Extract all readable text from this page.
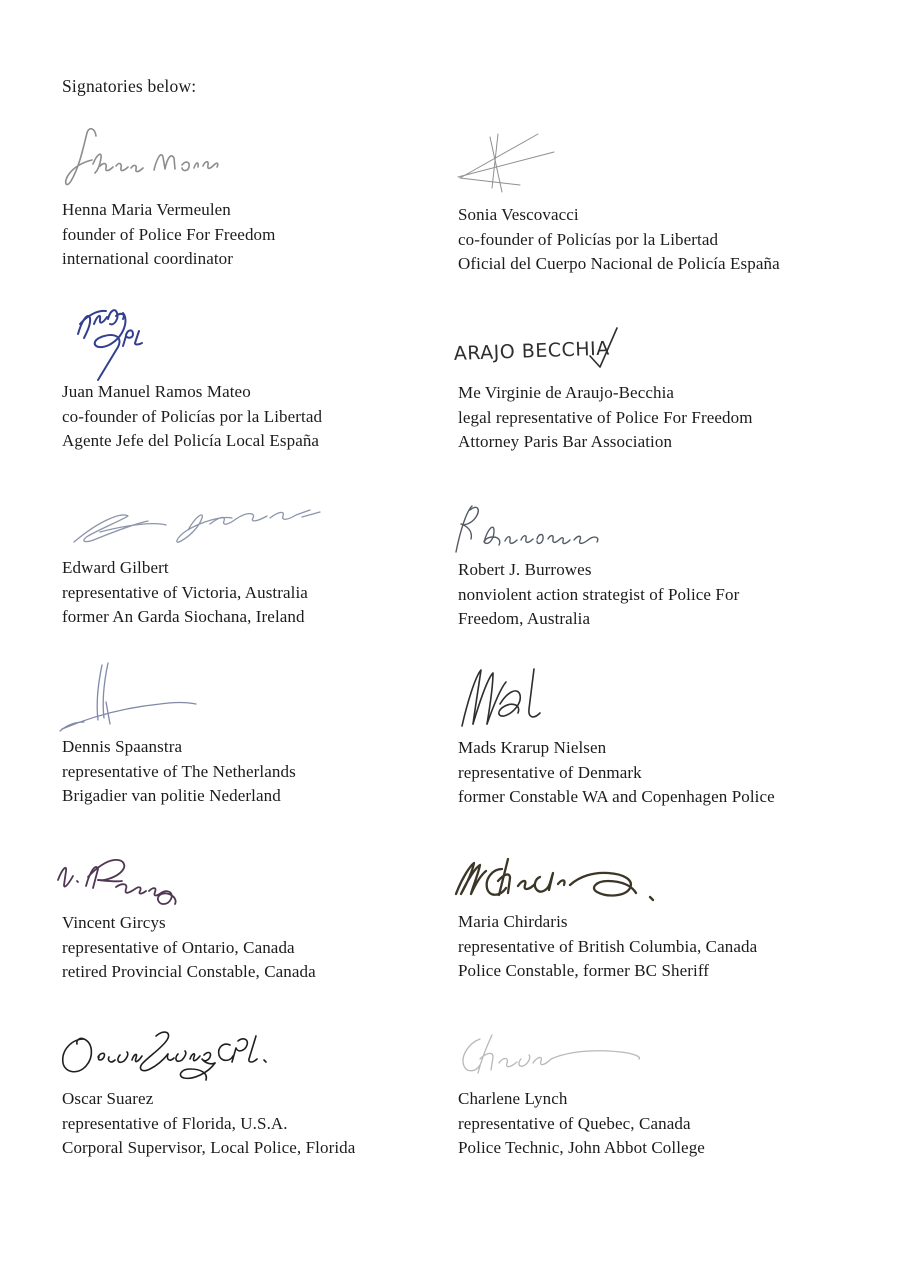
Signatories below:
Henna Maria Vermeulen
founder of Police For Freedom
international coordinator
Sonia Vescovacci
co-founder of Policías por la Libertad
Oficial del Cuerpo Nacional de Policía España
Juan Manuel Ramos Mateo
co-founder of Policías por la Libertad
Agente Jefe del Policía Local España
Me Virginie de Araujo-Becchia
legal representative of Police For Freedom
Attorney Paris Bar Association
Edward Gilbert
representative of Victoria, Australia
former An Garda Siochana, Ireland
Robert J. Burrowes
nonviolent action strategist of Police For
Freedom, Australia
Dennis Spaanstra
representative of The Netherlands
Brigadier van politie Nederland
Mads Krarup Nielsen
representative of Denmark
former Constable WA and Copenhagen Police
Vincent Gircys
representative of Ontario, Canada
retired Provincial Constable, Canada
Maria Chirdaris
representative of British Columbia, Canada
Police Constable, former BC Sheriff
Oscar Suarez
representative of Florida, U.S.A.
Corporal Supervisor, Local Police, Florida
Charlene Lynch
representative of Quebec, Canada
Police Technic, John Abbot College
ARAJO BECCHIA
